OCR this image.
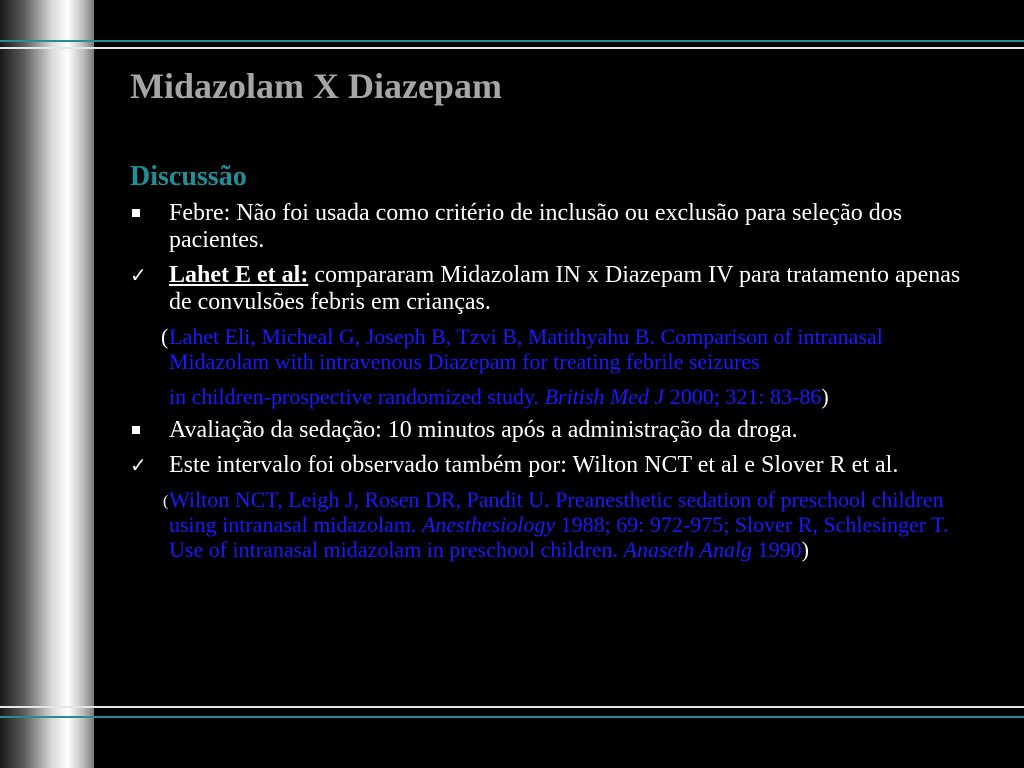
Midazolam X Diazepam
Discussão
Febre: Não foi usada como critério de inclusão ou exclusão para seleção dos pacientes.
✓ Lahet E et al: compararam Midazolam IN x Diazepam IV para tratamento apenas de convulsões febris em crianças.
( Lahet Eli, Micheal G, Joseph B, Tzvi B, Matithyahu B. Comparison of intranasal Midazolam with intravenous Diazepam for treating febrile seizures
in children-prospective randomized study. British Med J 2000; 321: 83-86)
Avaliação da sedação: 10 minutos após a administração da droga.
✓ Este intervalo foi observado também por: Wilton NCT et al e Slover R et al.
( Wilton NCT, Leigh J, Rosen DR, Pandit U. Preanesthetic sedation of preschool children using intranasal midazolam. Anesthesiology 1988; 69: 972-975; Slover R, Schlesinger T. Use of intranasal midazolam in preschool children. Anaseth Analg 1990)
